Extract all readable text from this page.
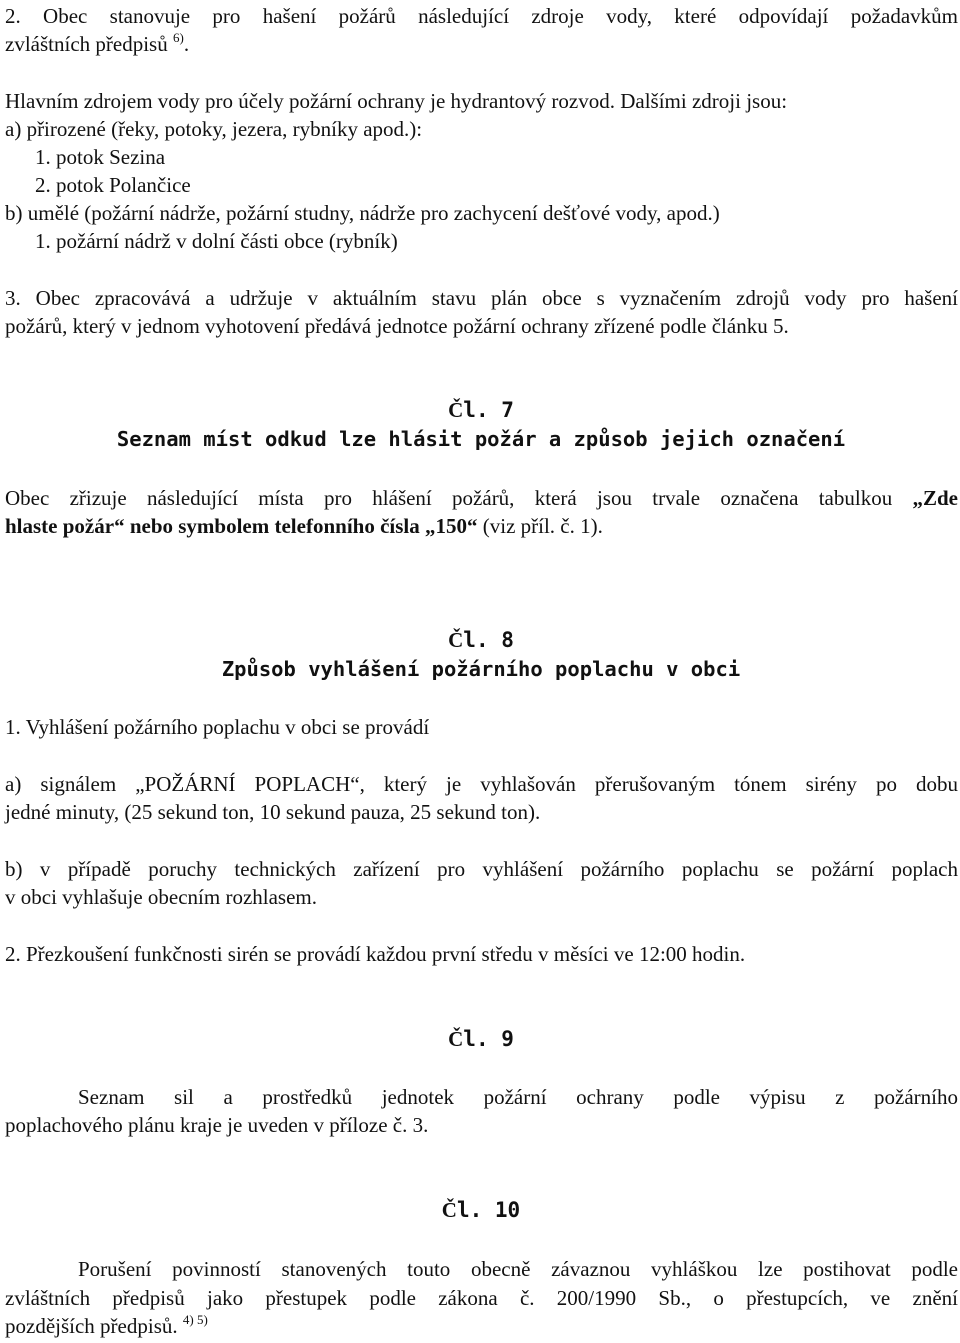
2. Obec stanovuje pro hašení požárů následující zdroje vody, které odpovídají požadavkům
zvláštních předpisů $^{6)}$.
Hlavním zdrojem vody pro účely požární ochrany je hydrantový rozvod. Dalšími zdroji jsou:
a) přirozené (řeky, potoky, jezera, rybníky apod.):
1. potok Sezina
2. potok Polančice
b) umělé (požární nádrže, požární studny, nádrže pro zachycení dešťové vody, apod.)
1. požární nádrž v dolní části obce (rybník)
3. Obec zpracovává a udržuje v aktuálním stavu plán obce s vyznačením zdrojů vody pro hašení
požárů, který v jednom vyhotovení předává jednotce požární ochrany zřízené podle článku 5.
Čl. 7
Seznam míst odkud lze hlásit požár a způsob jejich označení
Obec zřizuje následující místa pro hlášení požárů, která jsou trvale označena tabulkou „Zde
hlaste požár“ nebo symbolem telefonního čísla „150“ (viz příl. č. 1).
Čl. 8
Způsob vyhlášení požárního poplachu v obci
1. Vyhlášení požárního poplachu v obci se provádí
a) signálem „POŽÁRNÍ POPLACH“, který je vyhlašován přerušovaným tónem sirény po dobu
jedné minuty, (25 sekund ton, 10 sekund pauza, 25 sekund ton).
b) v případě poruchy technických zařízení pro vyhlášení požárního poplachu se požární poplach
v obci vyhlašuje obecním rozhlasem.
2. Přezkoušení funkčnosti sirén se provádí každou první středu v měsíci ve 12:00 hodin.
Čl. 9
Seznam sil a prostředků jednotek požární ochrany podle výpisu z požárního
poplachového plánu kraje je uveden v příloze č. 3.
Čl. 10
Porušení povinností stanovených touto obecně závaznou vyhláškou lze postihovat podle
zvláštních předpisů jako přestupek podle zákona č. 200/1990 Sb., o přestupcích, ve znění
pozdějších předpisů. $^{4) 5)}$
